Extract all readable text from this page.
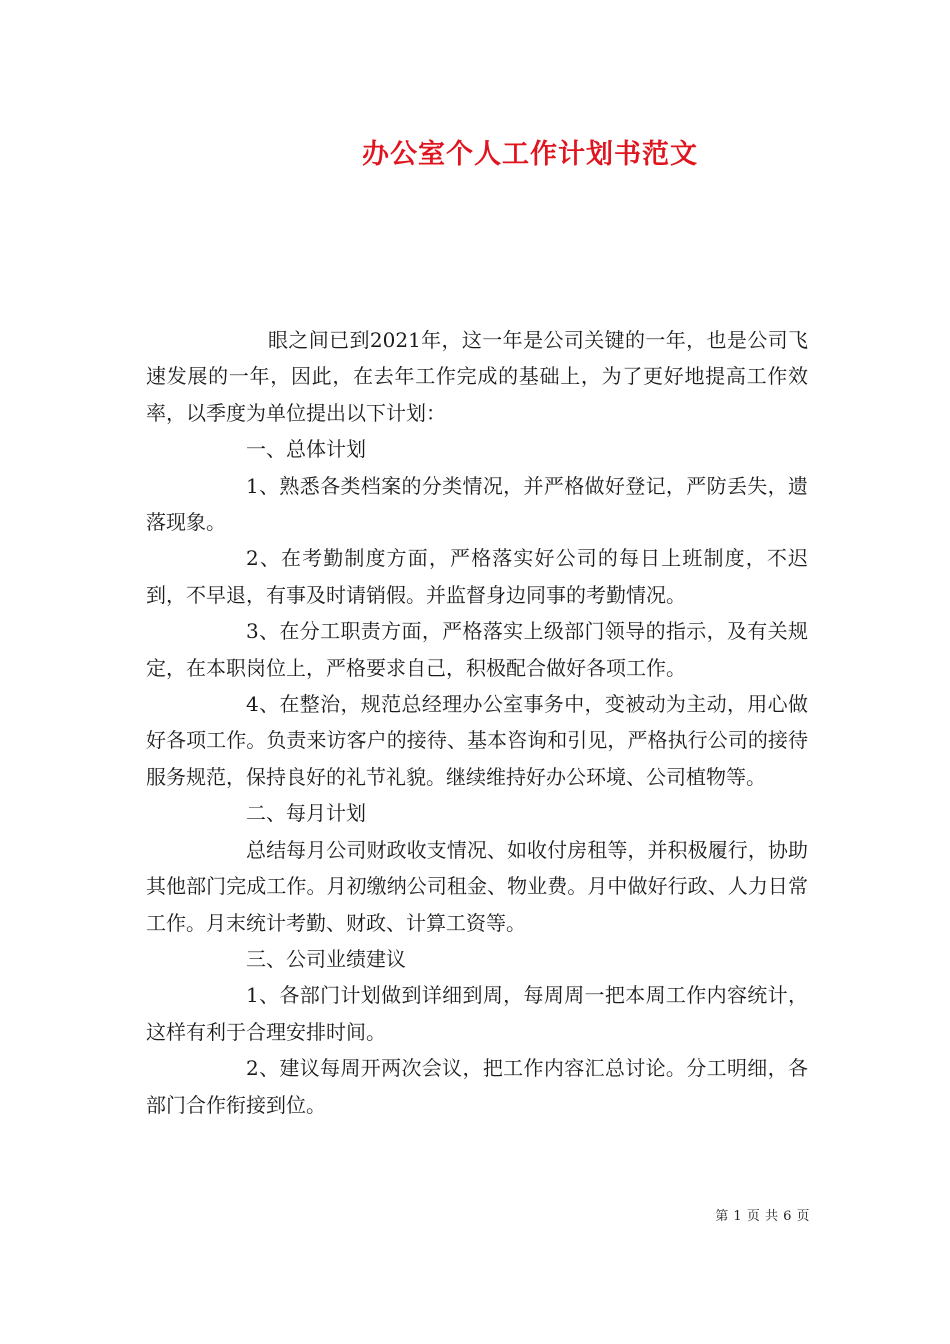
办公室个人工作计划书范文

眼之间已到2021年，这一年是公司关键的一年，也是公司飞速发展的一年，因此，在去年工作完成的基础上，为了更好地提高工作效率，以季度为单位提出以下计划：

一、总体计划

1、熟悉各类档案的分类情况，并严格做好登记，严防丢失，遗落现象。

2、在考勤制度方面，严格落实好公司的每日上班制度，不迟到，不早退，有事及时请销假。并监督身边同事的考勤情况。

3、在分工职责方面，严格落实上级部门领导的指示，及有关规定，在本职岗位上，严格要求自己，积极配合做好各项工作。

4、在整治，规范总经理办公室事务中，变被动为主动，用心做好各项工作。负责来访客户的接待、基本咨询和引见，严格执行公司的接待服务规范，保持良好的礼节礼貌。继续维持好办公环境、公司植物等。

二、每月计划

总结每月公司财政收支情况、如收付房租等，并积极履行，协助其他部门完成工作。月初缴纳公司租金、物业费。月中做好行政、人力日常工作。月末统计考勤、财政、计算工资等。

三、公司业绩建议

1、各部门计划做到详细到周，每周周一把本周工作内容统计，这样有利于合理安排时间。

2、建议每周开两次会议，把工作内容汇总讨论。分工明细，各部门合作衔接到位。

第 1 页 共 6 页
